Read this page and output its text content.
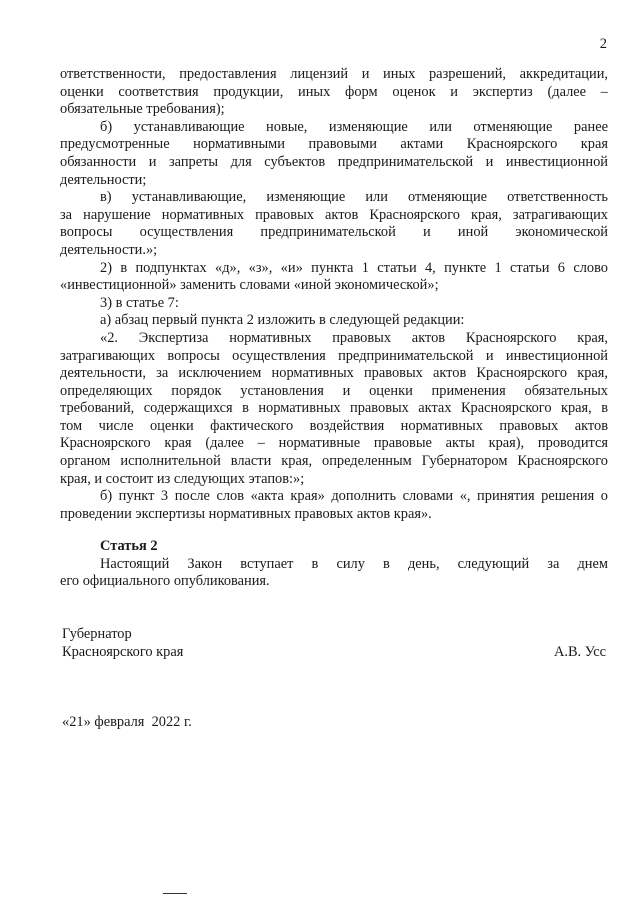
2
ответственности, предоставления лицензий и иных разрешений, аккредитации,
оценки соответствия продукции, иных форм оценок и экспертиз (далее –
обязательные требования);
б) устанавливающие новые, изменяющие или отменяющие ранее
предусмотренные нормативными правовыми актами Красноярского края
обязанности и запреты для субъектов предпринимательской и инвестиционной
деятельности;
в) устанавливающие, изменяющие или отменяющие ответственность
за нарушение нормативных правовых актов Красноярского края, затрагивающих
вопросы осуществления предпринимательской и иной экономической
деятельности.»;
2) в подпунктах «д», «з», «и» пункта 1 статьи 4, пункте 1 статьи 6 слово
«инвестиционной» заменить словами «иной экономической»;
3) в статье 7:
а) абзац первый пункта 2 изложить в следующей редакции:
«2. Экспертиза нормативных правовых актов Красноярского края,
затрагивающих вопросы осуществления предпринимательской и инвестиционной
деятельности, за исключением нормативных правовых актов Красноярского края,
определяющих порядок установления и оценки применения обязательных
требований, содержащихся в нормативных правовых актах Красноярского края, в
том числе оценки фактического воздействия нормативных правовых актов
Красноярского края (далее – нормативные правовые акты края), проводится
органом исполнительной власти края, определенным Губернатором Красноярского
края, и состоит из следующих этапов:»;
б) пункт 3 после слов «акта края» дополнить словами «, принятия решения о
проведении экспертизы нормативных правовых актов края».
Статья 2
Настоящий Закон вступает в силу в день, следующий за днем
его официального опубликования.
Губернатор
Красноярского края	А.В. Усс
«21» февраля  2022 г.
